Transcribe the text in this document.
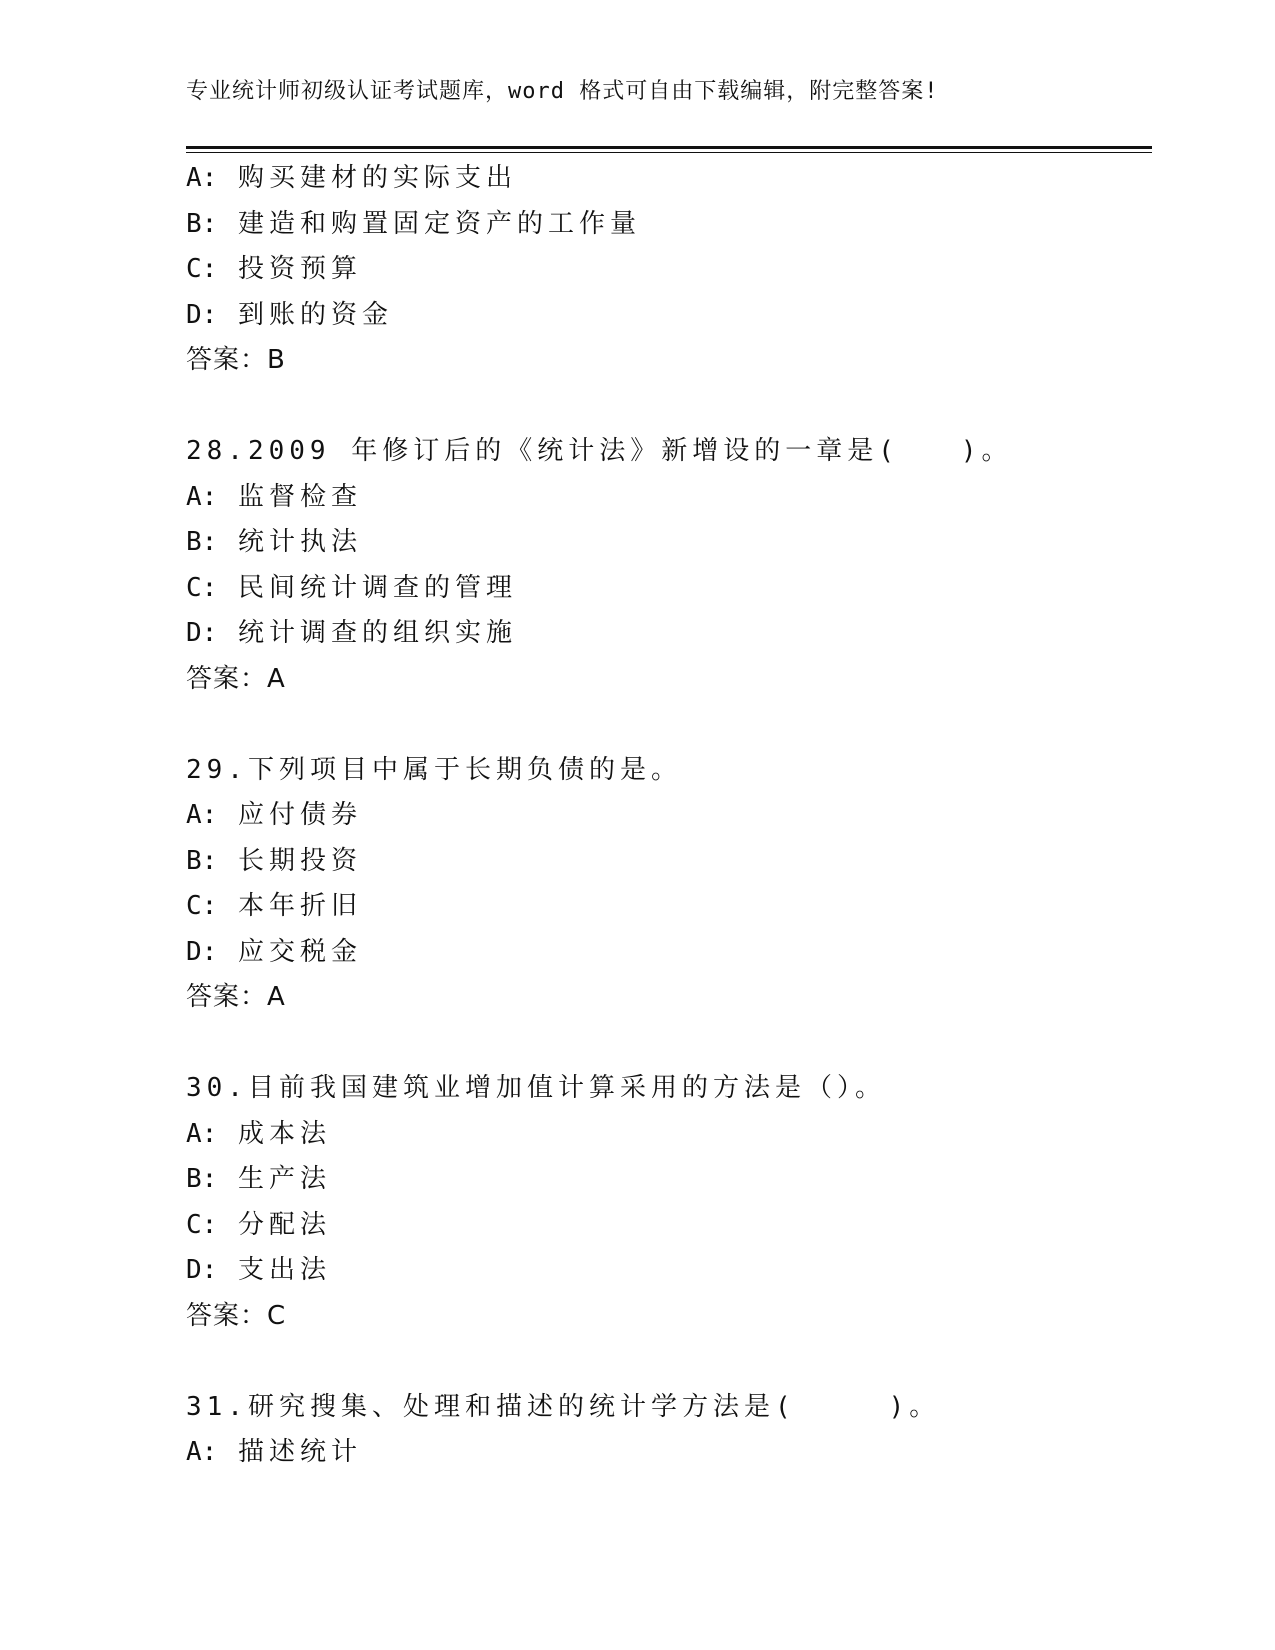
专业统计师初级认证考试题库，word 格式可自由下载编辑，附完整答案!
A: 购买建材的实际支出
B: 建造和购置固定资产的工作量
C: 投资预算
D: 到账的资金
答案：B
28.2009 年修订后的《统计法》新增设的一章是(　　)。
A: 监督检查
B: 统计执法
C: 民间统计调查的管理
D: 统计调查的组织实施
答案：A
29.下列项目中属于长期负债的是。
A: 应付债券
B: 长期投资
C: 本年折旧
D: 应交税金
答案：A
30.目前我国建筑业增加值计算采用的方法是（）。
A: 成本法
B: 生产法
C: 分配法
D: 支出法
答案：C
31.研究搜集、处理和描述的统计学方法是(　　　)。
A: 描述统计
